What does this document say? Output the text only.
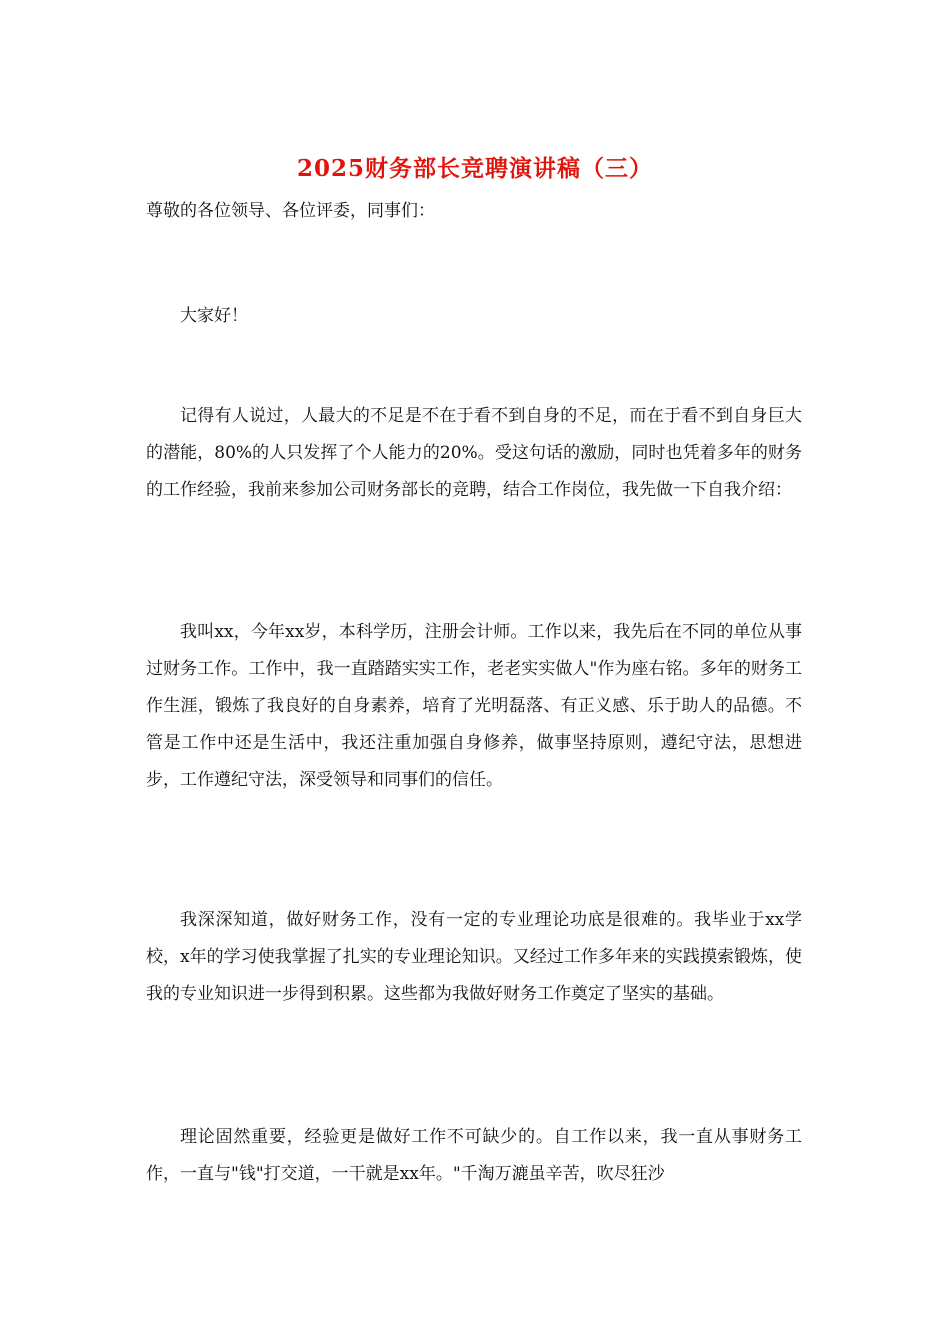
2025财务部长竞聘演讲稿（三）
尊敬的各位领导、各位评委，同事们：
大家好！
记得有人说过，人最大的不足是不在于看不到自身的不足，而在于看不到自身巨大的潜能，80%的人只发挥了个人能力的20%。受这句话的激励，同时也凭着多年的财务的工作经验，我前来参加公司财务部长的竞聘，结合工作岗位，我先做一下自我介绍：
我叫xx，今年xx岁，本科学历，注册会计师。工作以来，我先后在不同的单位从事过财务工作。工作中，我一直踏踏实实工作，老老实实做人"作为座右铭。多年的财务工作生涯，锻炼了我良好的自身素养，培育了光明磊落、有正义感、乐于助人的品德。不管是工作中还是生活中，我还注重加强自身修养，做事坚持原则，遵纪守法，思想进步，工作遵纪守法，深受领导和同事们的信任。
我深深知道，做好财务工作，没有一定的专业理论功底是很难的。我毕业于xx学校，x年的学习使我掌握了扎实的专业理论知识。又经过工作多年来的实践摸索锻炼，使我的专业知识进一步得到积累。这些都为我做好财务工作奠定了坚实的基础。
理论固然重要，经验更是做好工作不可缺少的。自工作以来，我一直从事财务工作，一直与"钱"打交道，一干就是xx年。"千淘万漉虽辛苦，吹尽狂沙
